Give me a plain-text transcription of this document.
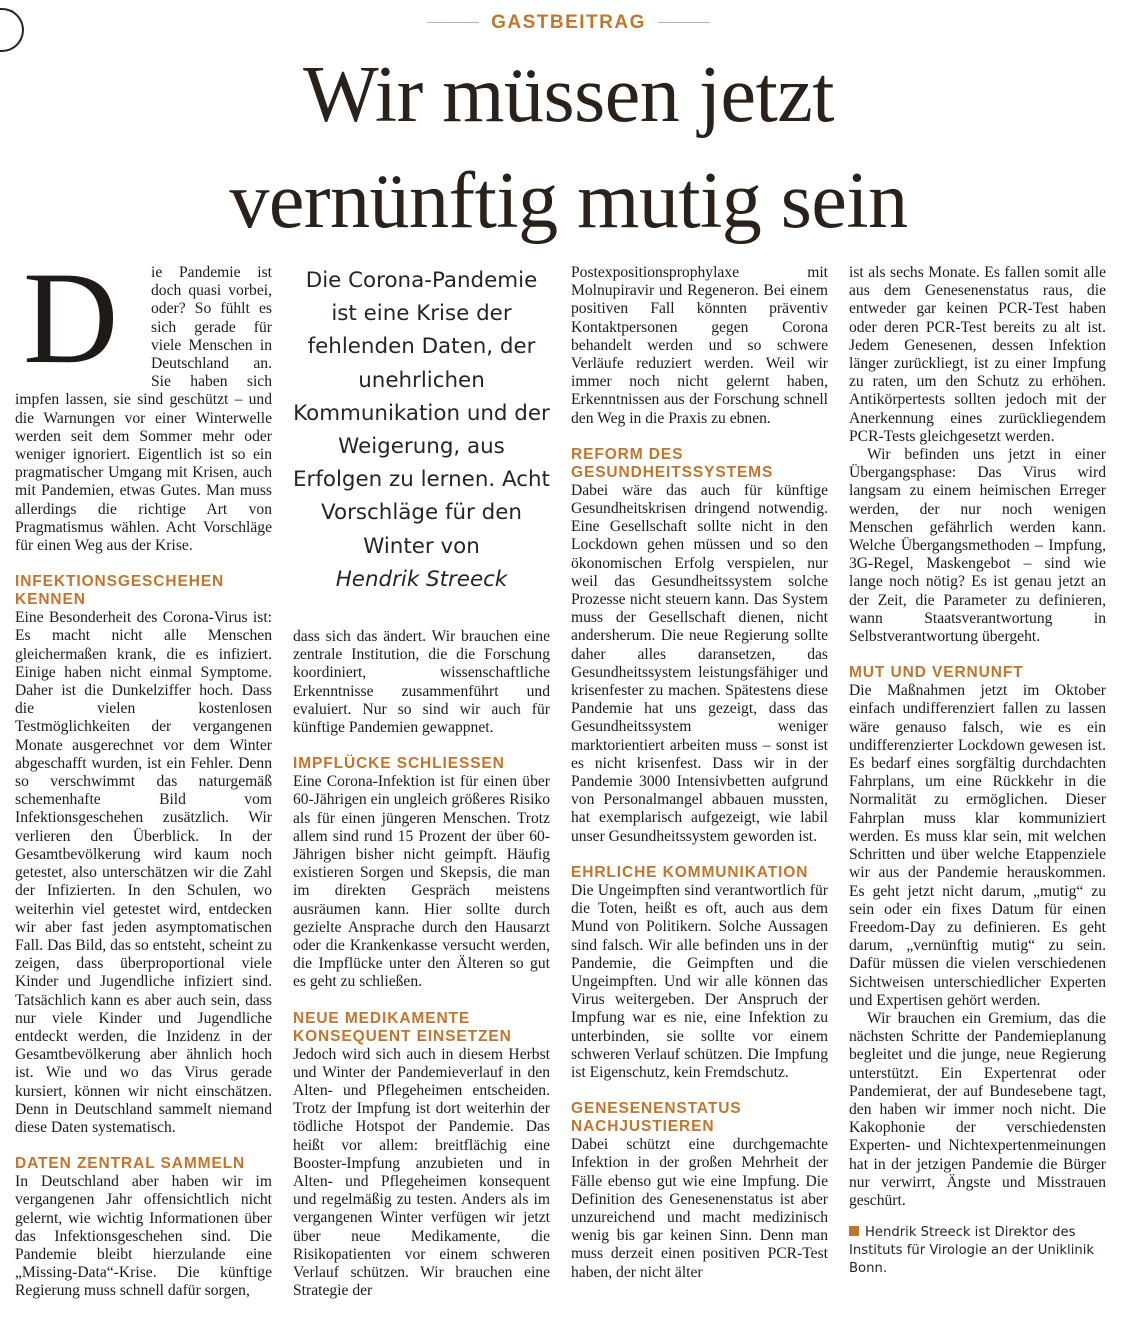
GASTBEITRAG
Wir müssen jetzt
vernünftig mutig sein

D	ie Pandemie ist doch quasi vorbei, oder? So fühlt es sich gerade für viele Menschen in Deutschland an. Sie haben sich impfen lassen, sie sind geschützt – und die Warnungen vor einer Winterwelle werden seit dem Sommer mehr oder weniger ignoriert. Eigentlich ist so ein pragmatischer Umgang mit Krisen, auch mit Pandemien, etwas Gutes. Man muss allerdings die richtige Art von Pragmatismus wählen. Acht Vorschläge für einen Weg aus der Krise.

INFEKTIONSGESCHEHEN KENNEN

Eine Besonderheit des Corona-Virus ist: Es macht nicht alle Menschen gleichermaßen krank, die es infiziert. Einige haben nicht einmal Symptome. Daher ist die Dunkelziffer hoch. Dass die vielen kostenlosen Testmöglichkeiten der vergangenen Monate ausgerechnet vor dem Winter abgeschafft wurden, ist ein Fehler. Denn so verschwimmt das naturgemäß schemenhafte Bild vom Infektionsgeschehen zusätzlich. Wir verlieren den Überblick. In der Gesamtbevölkerung wird kaum noch getestet, also unterschätzen wir die Zahl der Infizierten. In den Schulen, wo weiterhin viel getestet wird, entdecken wir aber fast jeden asymptomatischen Fall. Das Bild, das so entsteht, scheint zu zeigen, dass überproportional viele Kinder und Jugendliche infiziert sind. Tatsächlich kann es aber auch sein, dass nur viele Kinder und Jugendliche entdeckt werden, die Inzidenz in der Gesamtbevölkerung aber ähnlich hoch ist. Wie und wo das Virus gerade kursiert, können wir nicht einschätzen. Denn in Deutschland sammelt niemand diese Daten systematisch.

DATEN ZENTRAL SAMMELN

In Deutschland aber haben wir im vergangenen Jahr offensichtlich nicht gelernt, wie wichtig Informationen über das Infektionsgeschehen sind. Die Pandemie bleibt hierzulande eine „Missing-Data“-Krise. Die künftige Regierung muss schnell dafür sorgen,

Die Corona-Pandemie ist eine Krise der fehlenden Daten, der unehrlichen Kommunikation und der Weigerung, aus Erfolgen zu lernen. Acht Vorschläge für den Winter von
Hendrik Streeck

dass sich das ändert. Wir brauchen eine zentrale Institution, die die Forschung koordiniert, wissenschaftliche Erkenntnisse zusammenführt und evaluiert. Nur so sind wir auch für künftige Pandemien gewappnet.

IMPFLÜCKE SCHLIESSEN

Eine Corona-Infektion ist für einen über 60-Jährigen ein ungleich größeres Risiko als für einen jüngeren Menschen. Trotz allem sind rund 15 Prozent der über 60-Jährigen bisher nicht geimpft. Häufig existieren Sorgen und Skepsis, die man im direkten Gespräch meistens ausräumen kann. Hier sollte durch gezielte Ansprache durch den Hausarzt oder die Krankenkasse versucht werden, die Impflücke unter den Älteren so gut es geht zu schließen.

NEUE MEDIKAMENTE KONSEQUENT EINSETZEN

Jedoch wird sich auch in diesem Herbst und Winter der Pandemieverlauf in den Alten- und Pflegeheimen entscheiden. Trotz der Impfung ist dort weiterhin der tödliche Hotspot der Pandemie. Das heißt vor allem: breitflächig eine Booster-Impfung anzubieten und in Alten- und Pflegeheimen konsequent und regelmäßig zu testen. Anders als im vergangenen Winter verfügen wir jetzt über neue Medikamente, die Risikopatienten vor einem schweren Verlauf schützen. Wir brauchen eine Strategie der

Postexpositionsprophylaxe mit Molnupiravir und Regeneron. Bei einem positiven Fall könnten präventiv Kontaktpersonen gegen Corona behandelt werden und so schwere Verläufe reduziert werden. Weil wir immer noch nicht gelernt haben, Erkenntnissen aus der Forschung schnell den Weg in die Praxis zu ebnen.

REFORM DES GESUNDHEITSSYSTEMS

Dabei wäre das auch für künftige Gesundheitskrisen dringend notwendig. Eine Gesellschaft sollte nicht in den Lockdown gehen müssen und so den ökonomischen Erfolg verspielen, nur weil das Gesundheitssystem solche Prozesse nicht steuern kann. Das System muss der Gesellschaft dienen, nicht andersherum. Die neue Regierung sollte daher alles daransetzen, das Gesundheitssystem leistungsfähiger und krisenfester zu machen. Spätestens diese Pandemie hat uns gezeigt, dass das Gesundheitssystem weniger marktorientiert arbeiten muss – sonst ist es nicht krisenfest. Dass wir in der Pandemie 3000 Intensivbetten aufgrund von Personalmangel abbauen mussten, hat exemplarisch aufgezeigt, wie labil unser Gesundheitssystem geworden ist.

EHRLICHE KOMMUNIKATION

Die Ungeimpften sind verantwortlich für die Toten, heißt es oft, auch aus dem Mund von Politikern. Solche Aussagen sind falsch. Wir alle befinden uns in der Pandemie, die Geimpften und die Ungeimpften. Und wir alle können das Virus weitergeben. Der Anspruch der Impfung war es nie, eine Infektion zu unterbinden, sie sollte vor einem schweren Verlauf schützen. Die Impfung ist Eigenschutz, kein Fremdschutz.

GENESENENSTATUS NACHJUSTIEREN

Dabei schützt eine durchgemachte Infektion in der großen Mehrheit der Fälle ebenso gut wie eine Impfung. Die Definition des Genesenenstatus ist aber unzureichend und macht medizinisch wenig bis gar keinen Sinn. Denn man muss derzeit einen positiven PCR-Test haben, der nicht älter

ist als sechs Monate. Es fallen somit alle aus dem Genesenenstatus raus, die entweder gar keinen PCR-Test haben oder deren PCR-Test bereits zu alt ist. Jedem Genesenen, dessen Infektion länger zurückliegt, ist zu einer Impfung zu raten, um den Schutz zu erhöhen. Antikörpertests sollten jedoch mit der Anerkennung eines zurückliegendem PCR-Tests gleichgesetzt werden.

Wir befinden uns jetzt in einer Übergangsphase: Das Virus wird langsam zu einem heimischen Erreger werden, der nur noch wenigen Menschen gefährlich werden kann. Welche Übergangsmethoden – Impfung, 3G-Regel, Maskengebot – sind wie lange noch nötig? Es ist genau jetzt an der Zeit, die Parameter zu definieren, wann Staatsverantwortung in Selbstverantwortung übergeht.

MUT UND VERNUNFT

Die Maßnahmen jetzt im Oktober einfach undifferenziert fallen zu lassen wäre genauso falsch, wie es ein undifferenzierter Lockdown gewesen ist. Es bedarf eines sorgfältig durchdachten Fahrplans, um eine Rückkehr in die Normalität zu ermöglichen. Dieser Fahrplan muss klar kommuniziert werden. Es muss klar sein, mit welchen Schritten und über welche Etappenziele wir aus der Pandemie herauskommen. Es geht jetzt nicht darum, „mutig“ zu sein oder ein fixes Datum für einen Freedom-Day zu definieren. Es geht darum, „vernünftig mutig“ zu sein. Dafür müssen die vielen verschiedenen Sichtweisen unterschiedlicher Experten und Expertisen gehört werden.

Wir brauchen ein Gremium, das die nächsten Schritte der Pandemieplanung begleitet und die junge, neue Regierung unterstützt. Ein Expertenrat oder Pandemierat, der auf Bundesebene tagt, den haben wir immer noch nicht. Die Kakophonie der verschiedensten Experten- und Nichtexpertenmeinungen hat in der jetzigen Pandemie die Bürger nur verwirrt, Ängste und Misstrauen geschürt.

Hendrik Streeck ist Direktor des Instituts für Virologie an der Uniklinik Bonn.
